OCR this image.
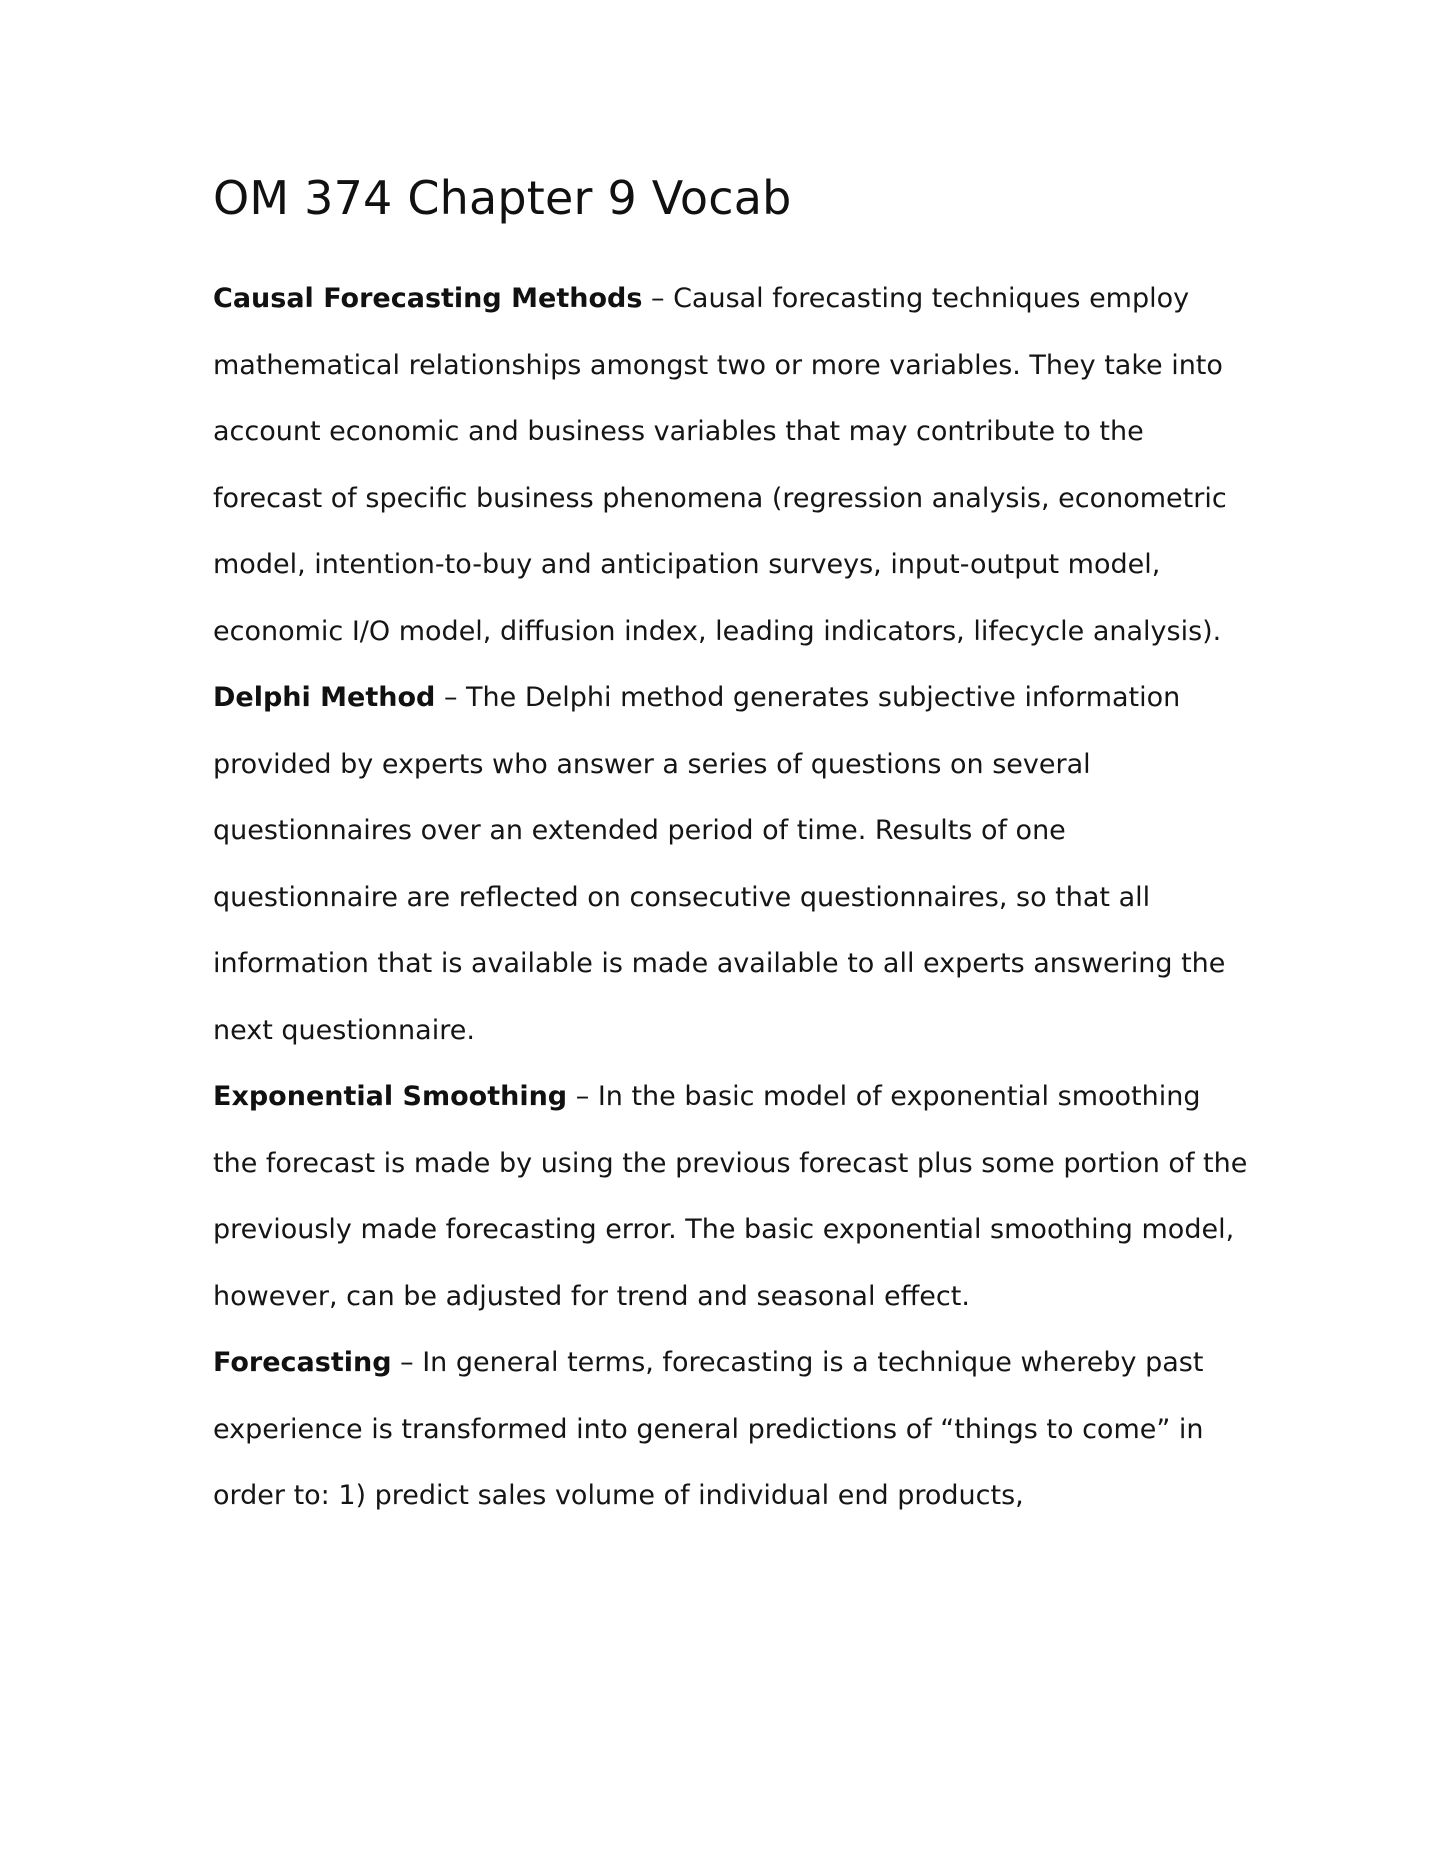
OM 374 Chapter 9 Vocab

Causal Forecasting Methods – Causal forecasting techniques employ mathematical relationships amongst two or more variables. They take into account economic and business variables that may contribute to the forecast of specific business phenomena (regression analysis, econometric model, intention-to-buy and anticipation surveys, input-output model, economic I/O model, diffusion index, leading indicators, lifecycle analysis).

Delphi Method – The Delphi method generates subjective information provided by experts who answer a series of questions on several questionnaires over an extended period of time. Results of one questionnaire are reflected on consecutive questionnaires, so that all information that is available is made available to all experts answering the next questionnaire.

Exponential Smoothing – In the basic model of exponential smoothing the forecast is made by using the previous forecast plus some portion of the previously made forecasting error. The basic exponential smoothing model, however, can be adjusted for trend and seasonal effect.

Forecasting – In general terms, forecasting is a technique whereby past experience is transformed into general predictions of “things to come” in order to: 1) predict sales volume of individual end products,
